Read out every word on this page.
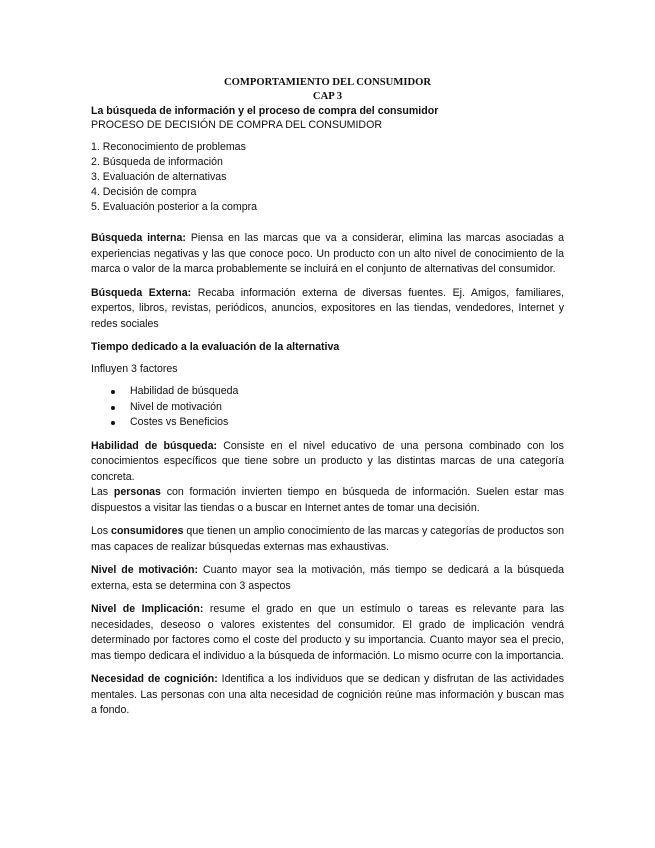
COMPORTAMIENTO DEL CONSUMIDOR
CAP 3
La búsqueda de información y el proceso de compra del consumidor
PROCESO DE DECISIÓN DE COMPRA DEL CONSUMIDOR
1. Reconocimiento de problemas
2. Búsqueda de información
3. Evaluación de alternativas
4. Decisión de compra
5. Evaluación posterior a la compra

Búsqueda interna: Piensa en las marcas que va a considerar, elimina las marcas asociadas a experiencias negativas y las que conoce poco. Un producto con un alto nivel de conocimiento de la marca o valor de la marca probablemente se incluirá en el conjunto de alternativas del consumidor.

Búsqueda Externa: Recaba información externa de diversas fuentes. Ej. Amigos, familiares, expertos, libros, revistas, periódicos, anuncios, expositores en las tiendas, vendedores, Internet y redes sociales

Tiempo dedicado a la evaluación de la alternativa
Influyen 3 factores
Habilidad de búsqueda
Nivel de motivación
Costes vs Beneficios

Habilidad de búsqueda: Consiste en el nivel educativo de una persona combinado con los conocimientos específicos que tiene sobre un producto y las distintas marcas de una categoría concreta.

Las personas con formación invierten tiempo en búsqueda de información. Suelen estar mas dispuestos a visitar las tiendas o a buscar en Internet antes de tomar una decisión.

Los consumidores que tienen un amplio conocimiento de las marcas y categorías de productos son mas capaces de realizar búsquedas externas mas exhaustivas.

Nivel de motivación: Cuanto mayor sea la motivación, más tiempo se dedicará a la búsqueda externa, esta se determina con 3 aspectos

Nivel de Implicación: resume el grado en que un estímulo o tareas es relevante para las necesidades, deseoso o valores existentes del consumidor. El grado de implicación vendrá determinado por factores como el coste del producto y su importancia. Cuanto mayor sea el precio, mas tiempo dedicara el individuo a la búsqueda de información. Lo mismo ocurre con la importancia.

Necesidad de cognición: Identifica a los individuos que se dedican y disfrutan de las actividades mentales. Las personas con una alta necesidad de cognición reúne mas información y buscan mas a fondo.
